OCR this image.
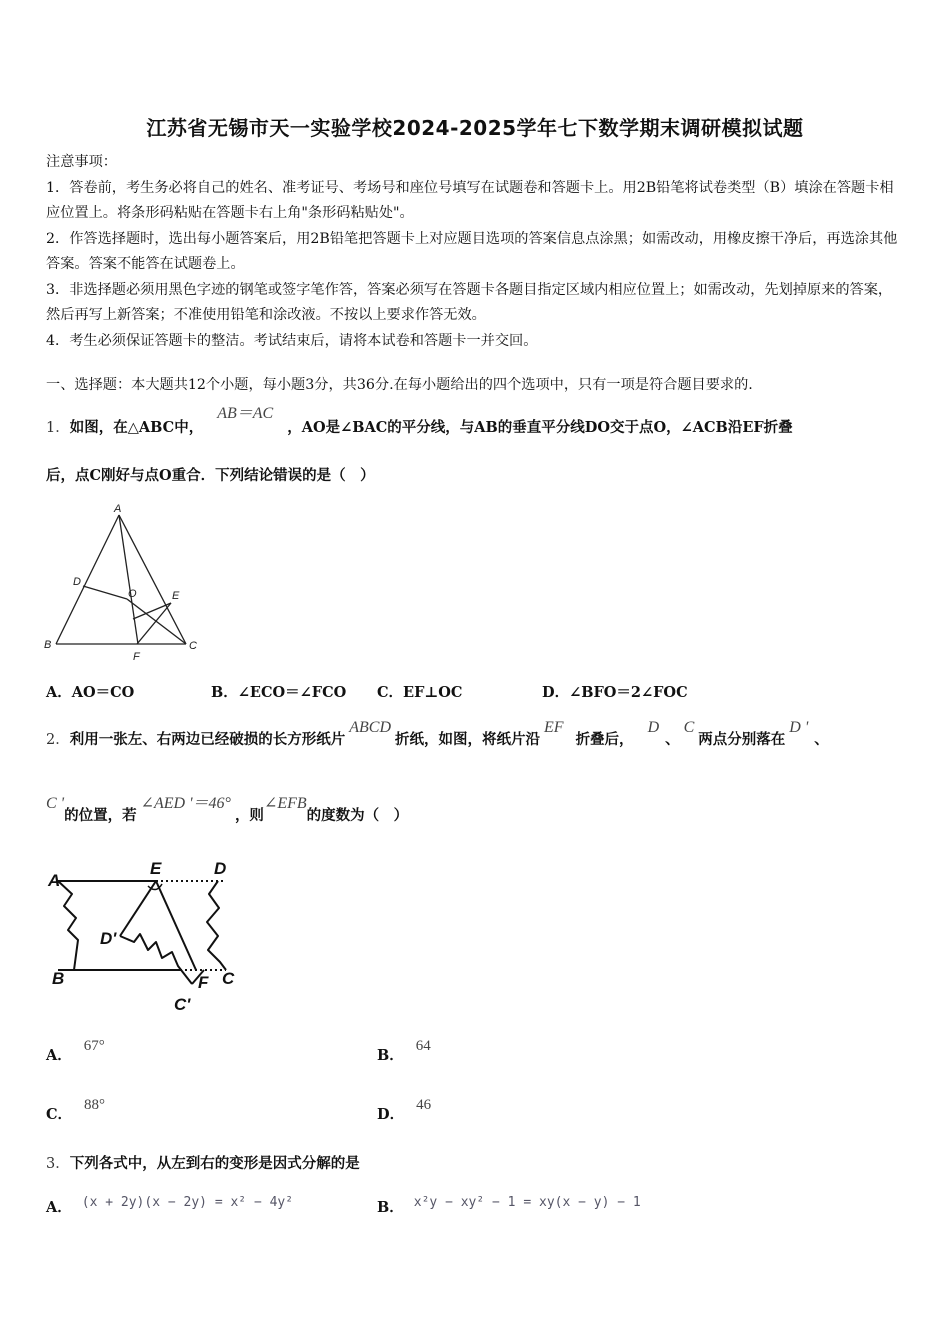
江苏省无锡市天一实验学校2024-2025学年七下数学期末调研模拟试题

注意事项：

1．答卷前，考生务必将自己的姓名、准考证号、考场号和座位号填写在试题卷和答题卡上。用2B铅笔将试卷类型（B）填涂在答题卡相应位置上。将条形码粘贴在答题卡右上角"条形码粘贴处"。

2．作答选择题时，选出每小题答案后，用2B铅笔把答题卡上对应题目选项的答案信息点涂黑；如需改动，用橡皮擦干净后，再选涂其他答案。答案不能答在试题卷上。

3．非选择题必须用黑色字迹的钢笔或签字笔作答，答案必须写在答题卡各题目指定区域内相应位置上；如需改动，先划掉原来的答案，然后再写上新答案；不准使用铅笔和涂改液。不按以上要求作答无效。

4．考生必须保证答题卡的整洁。考试结束后，请将本试卷和答题卡一并交回。

一、选择题：本大题共12个小题，每小题3分，共36分.在每小题给出的四个选项中，只有一项是符合题目要求的.
1．如图，在△ABC中，AB＝AC，AO是∠BAC的平分线，与AB的垂直平分线DO交于点O，∠ACB沿EF折叠
后，点C刚好与点O重合．下列结论错误的是（　）
A
D
O	E
B
F
C
A．AO＝CO	B．∠ECO＝∠FCO C．EF⊥OC	D．∠BFO＝2∠FOC
2．利用一张左、右两边已经破损的长方形纸片ABCD折纸，如图，将纸片沿EF折叠后，D、C两点分别落在D '、
C '的位置，若∠AED '＝46°，则∠EFB的度数为（　）
A
E	D
D'
B	F C
C'
A．67°
B．64
C．88°
D．46
3．下列各式中，从左到右的变形是因式分解的是
A． (x + 2y)(x − 2y) = x² − 4y²	B． x²y − xy² − 1 = xy(x − y) − 1
